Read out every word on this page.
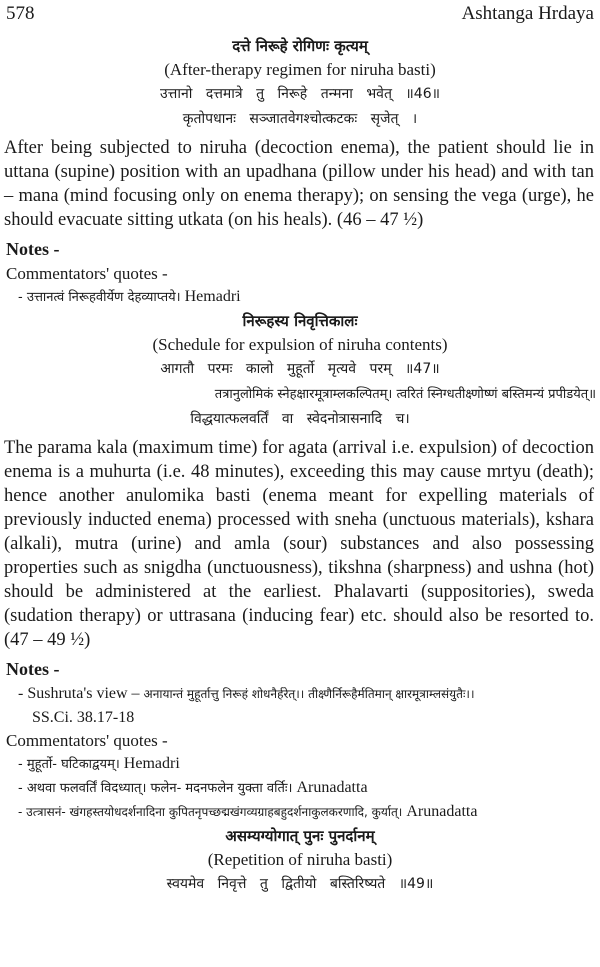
578	Ashtanga Hrdaya
दत्ते निरूहे रोगिणः कृत्यम्
(After-therapy regimen for niruha basti)
उत्तानो दत्तमात्रे तु निरूहे तन्मना भवेत् ॥46॥
कृतोपधानः सञ्जातवेगश्चोत्कटकः सृजेत् ।

After being subjected to niruha (decoction enema), the patient should lie in uttana (supine) position with an upadhana (pillow under his head) and with tan – mana (mind focusing only on enema therapy); on sensing the vega (urge), he should evacuate sitting utkata (on his heals). (46 – 47 ½)

Notes -
Commentators' quotes -
- उत्तानत्वं निरूहवीर्येण देहव्याप्तये। Hemadri
निरूहस्य निवृत्तिकालः
(Schedule for expulsion of niruha contents)
आगतौ परमः कालो मुहूर्तो मृत्यवे परम् ॥47॥
तत्रानुलोमिकं स्नेहक्षारमूत्राम्लकल्पितम्। त्वरितं स्निग्धतीक्ष्णोष्णं बस्तिमन्यं प्रपीडयेत्॥
विद्धयात्फलवर्तिं वा स्वेदनोत्रासनादि च।

The parama kala (maximum time) for agata (arrival i.e. expulsion) of decoction enema is a muhurta (i.e. 48 minutes), exceeding this may cause mrtyu (death); hence another anulomika basti (enema meant for expelling materials of previously inducted enema) processed with sneha (unctuous materials), kshara (alkali), mutra (urine) and amla (sour) substances and also possessing properties such as snigdha (unctuousness), tikshna (sharpness) and ushna (hot) should be administered at the earliest. Phalavarti (suppositories), sweda (sudation therapy) or uttrasana (inducing fear) etc. should also be resorted to. (47 – 49 ½)

Notes -
- Sushruta's view – अनायान्तं मुहूर्तात्तु निरूहं शोधनैर्हरेत्।। तीक्ष्णैर्निरूहैर्मतिमान् क्षारमूत्राम्लसंयुतैः।।
SS.Ci. 38.17-18
Commentators' quotes -
- मुहूर्तो- घटिकाद्वयम्। Hemadri
- अथवा फलवर्तिं विदध्यात्। फलेन- मदनफलेन युक्ता वर्तिः। Arunadatta
- उत्त्रासनं- खंगहस्तयोधदर्शनादिना कुपितनृपच्छद्मखंगव्यग्राहबहुदर्शनाकुलकरणादि, कुर्यात्। Arunadatta
असम्यग्योगात् पुनः पुनर्दानम्
(Repetition of niruha basti)
स्वयमेव निवृत्ते तु द्वितीयो बस्तिरिष्यते ॥49॥
